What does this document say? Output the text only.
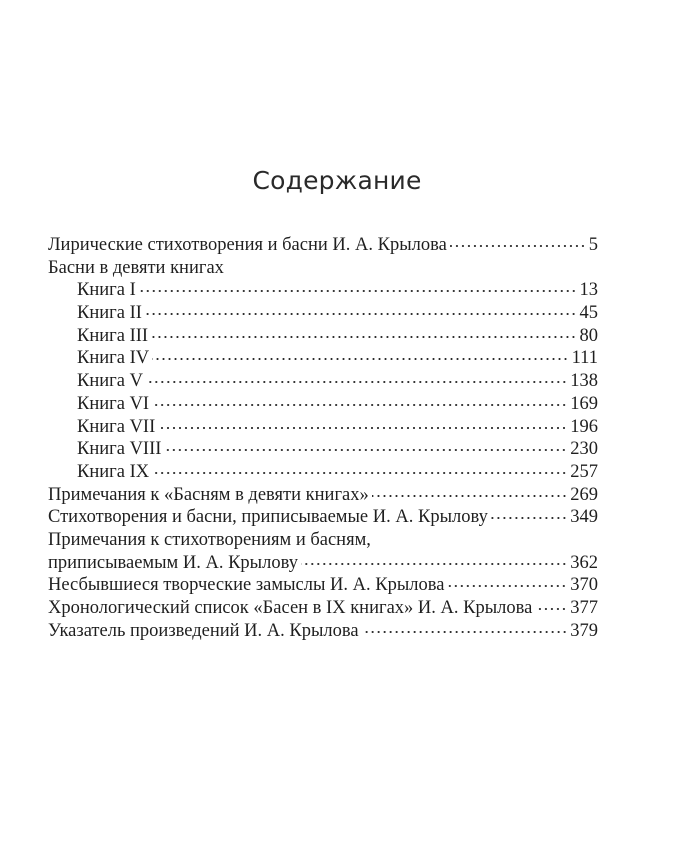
Содержание
Лирические стихотворения и басни И. А. Крылова	5
Басни в девяти книгах
Книга I	13
Книга II	45
Книга III	80
Книга IV	111
Книга V	138
Книга VI	169
Книга VII	196
Книга VIII	230
Книга IX	257
Примечания к «Басням в девяти книгах»	269
Стихотворения и басни, приписываемые И. А. Крылову	349
Примечания к стихотворениям и басням,
приписываемым И. А. Крылову	362
Несбывшиеся творческие замыслы И. А. Крылова	370
Хронологический список «Басен в IX книгах» И. А. Крылова 377
Указатель произведений И. А. Крылова	379
